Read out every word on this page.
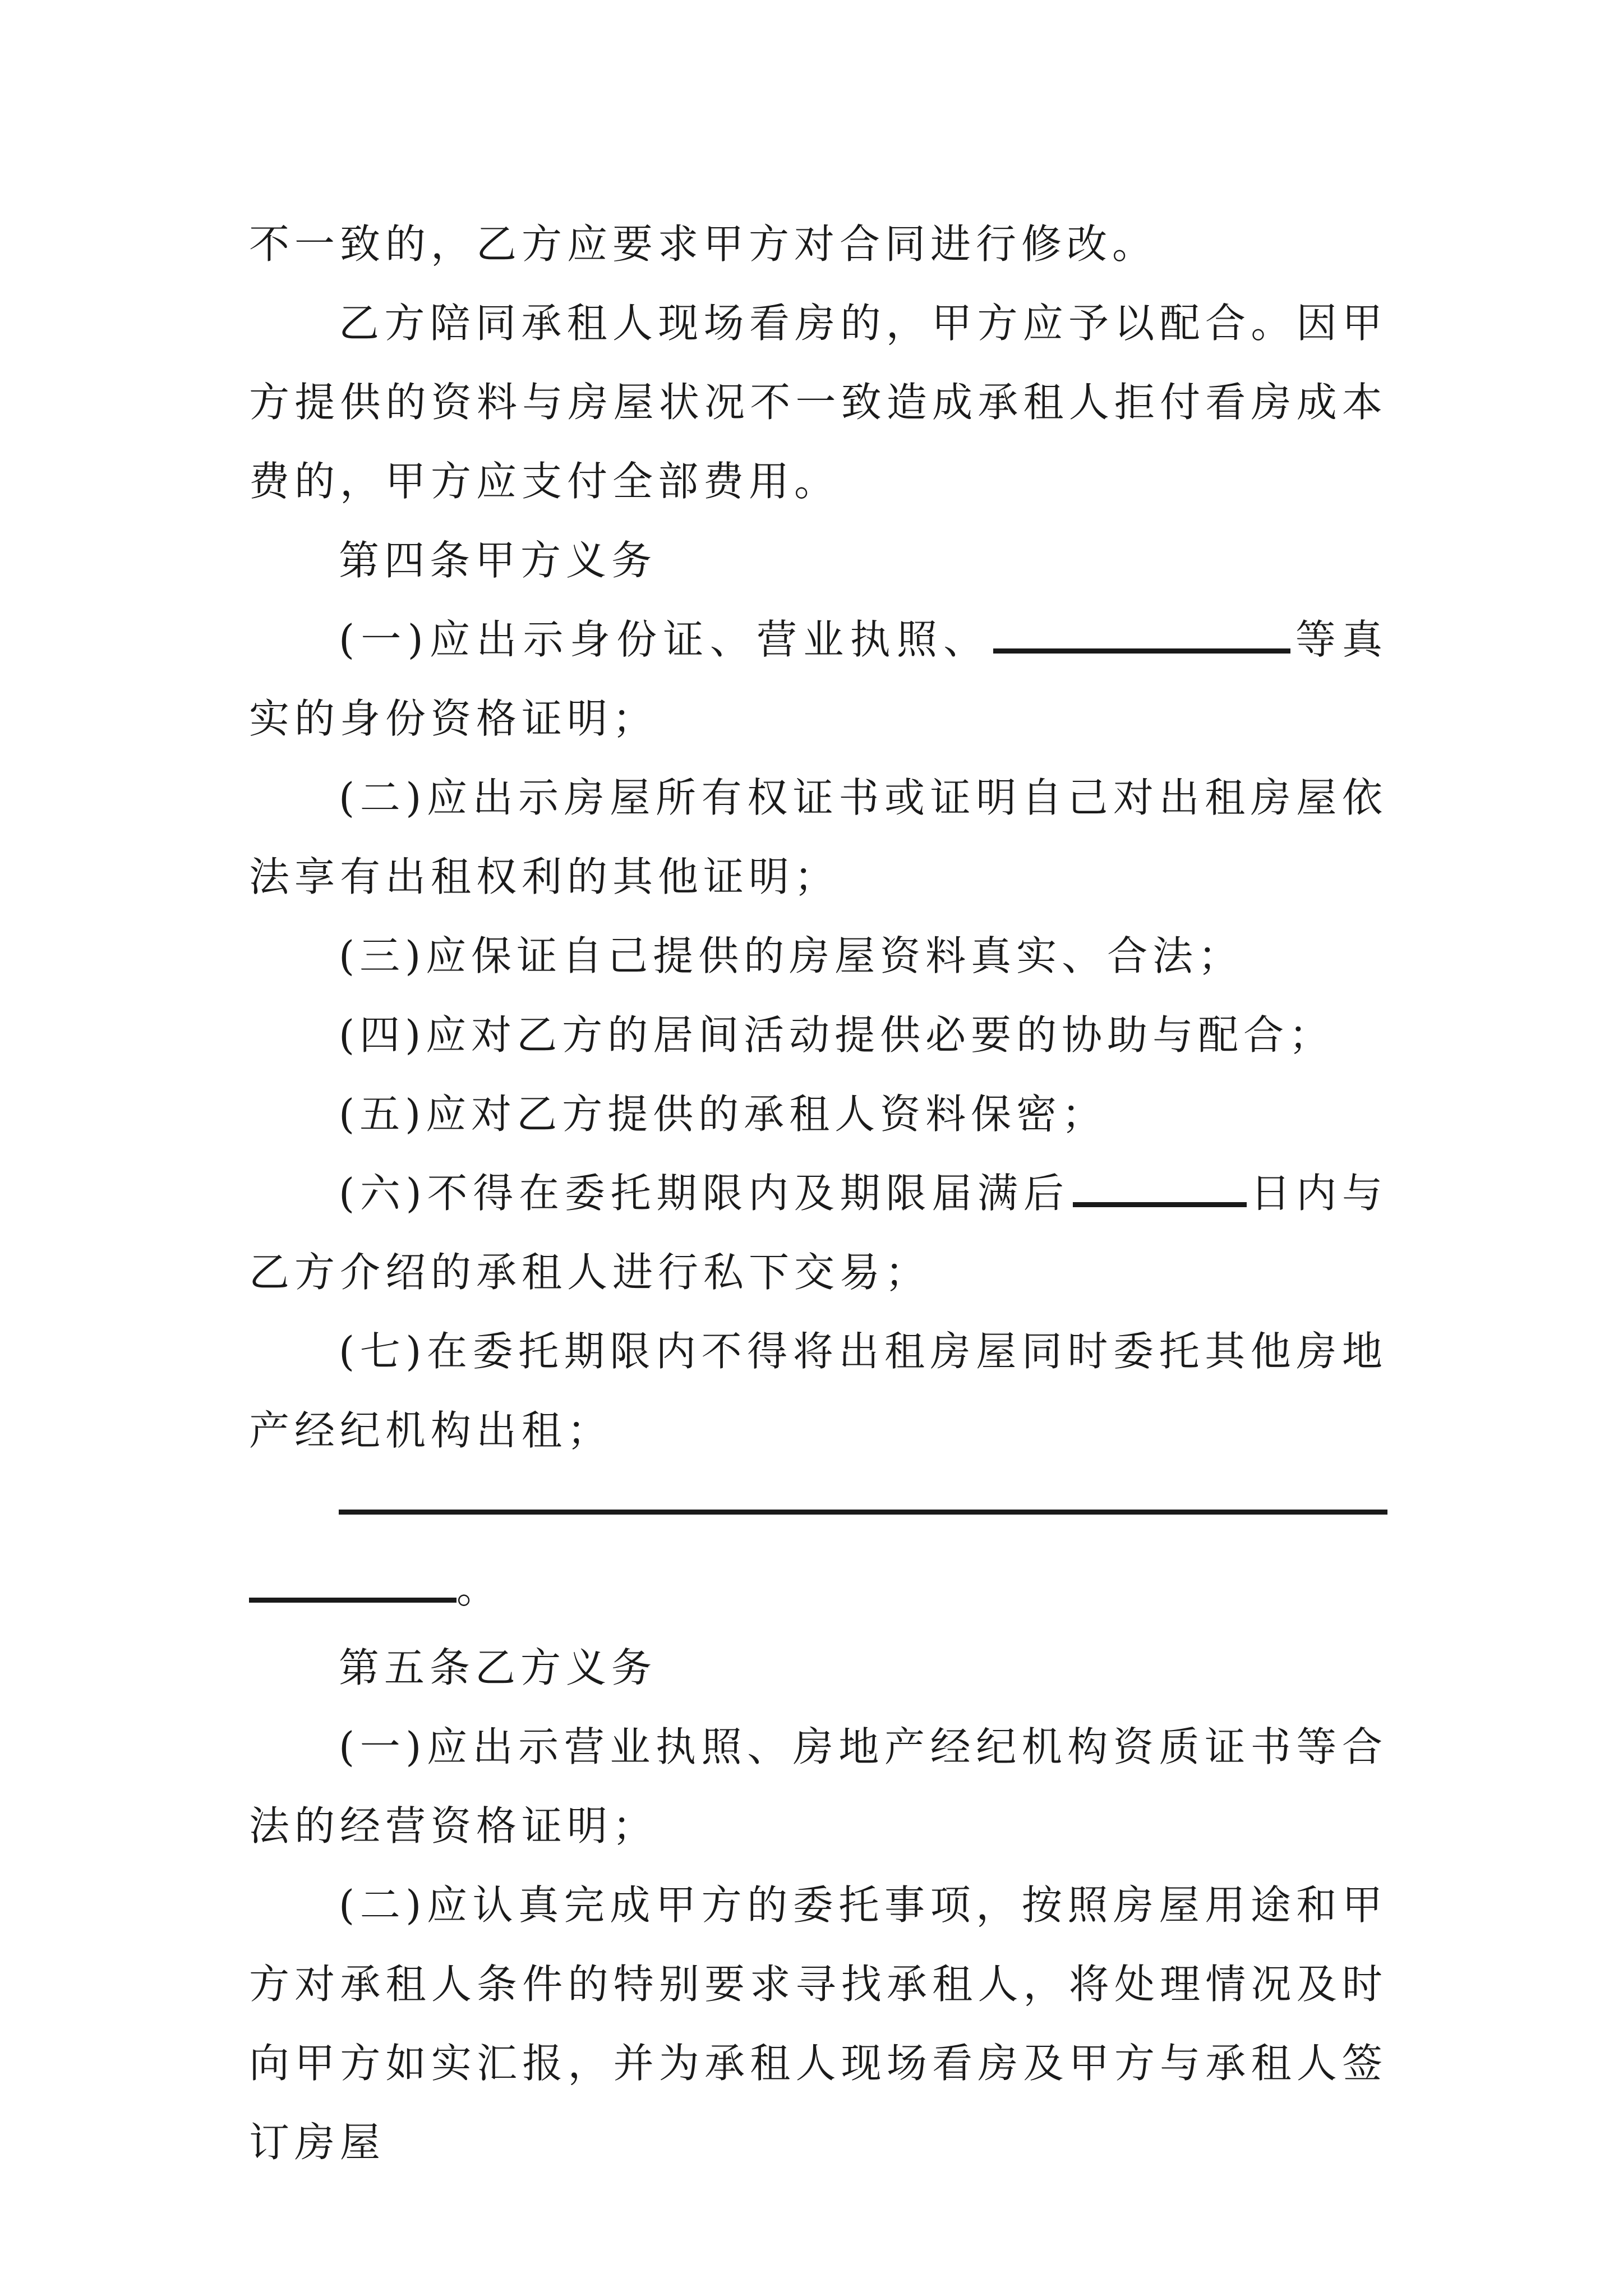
不一致的，乙方应要求甲方对合同进行修改。

乙方陪同承租人现场看房的，甲方应予以配合。因甲方提供的资料与房屋状况不一致造成承租人拒付看房成本费的，甲方应支付全部费用。

第四条甲方义务

(一)应出示身份证、营业执照、	等真实的身份资格证明；

(二)应出示房屋所有权证书或证明自己对出租房屋依法享有出租权利的其他证明；

(三)应保证自己提供的房屋资料真实、合法；

(四)应对乙方的居间活动提供必要的协助与配合；

(五)应对乙方提供的承租人资料保密；

(六)不得在委托期限内及期限届满后	日内与乙方介绍的承租人进行私下交易；

(七)在委托期限内不得将出租房屋同时委托其他房地产经纪机构出租；

。

第五条乙方义务

(一)应出示营业执照、房地产经纪机构资质证书等合法的经营资格证明；

(二)应认真完成甲方的委托事项，按照房屋用途和甲方对承租人条件的特别要求寻找承租人，将处理情况及时向甲方如实汇报，并为承租人现场看房及甲方与承租人签订房屋
